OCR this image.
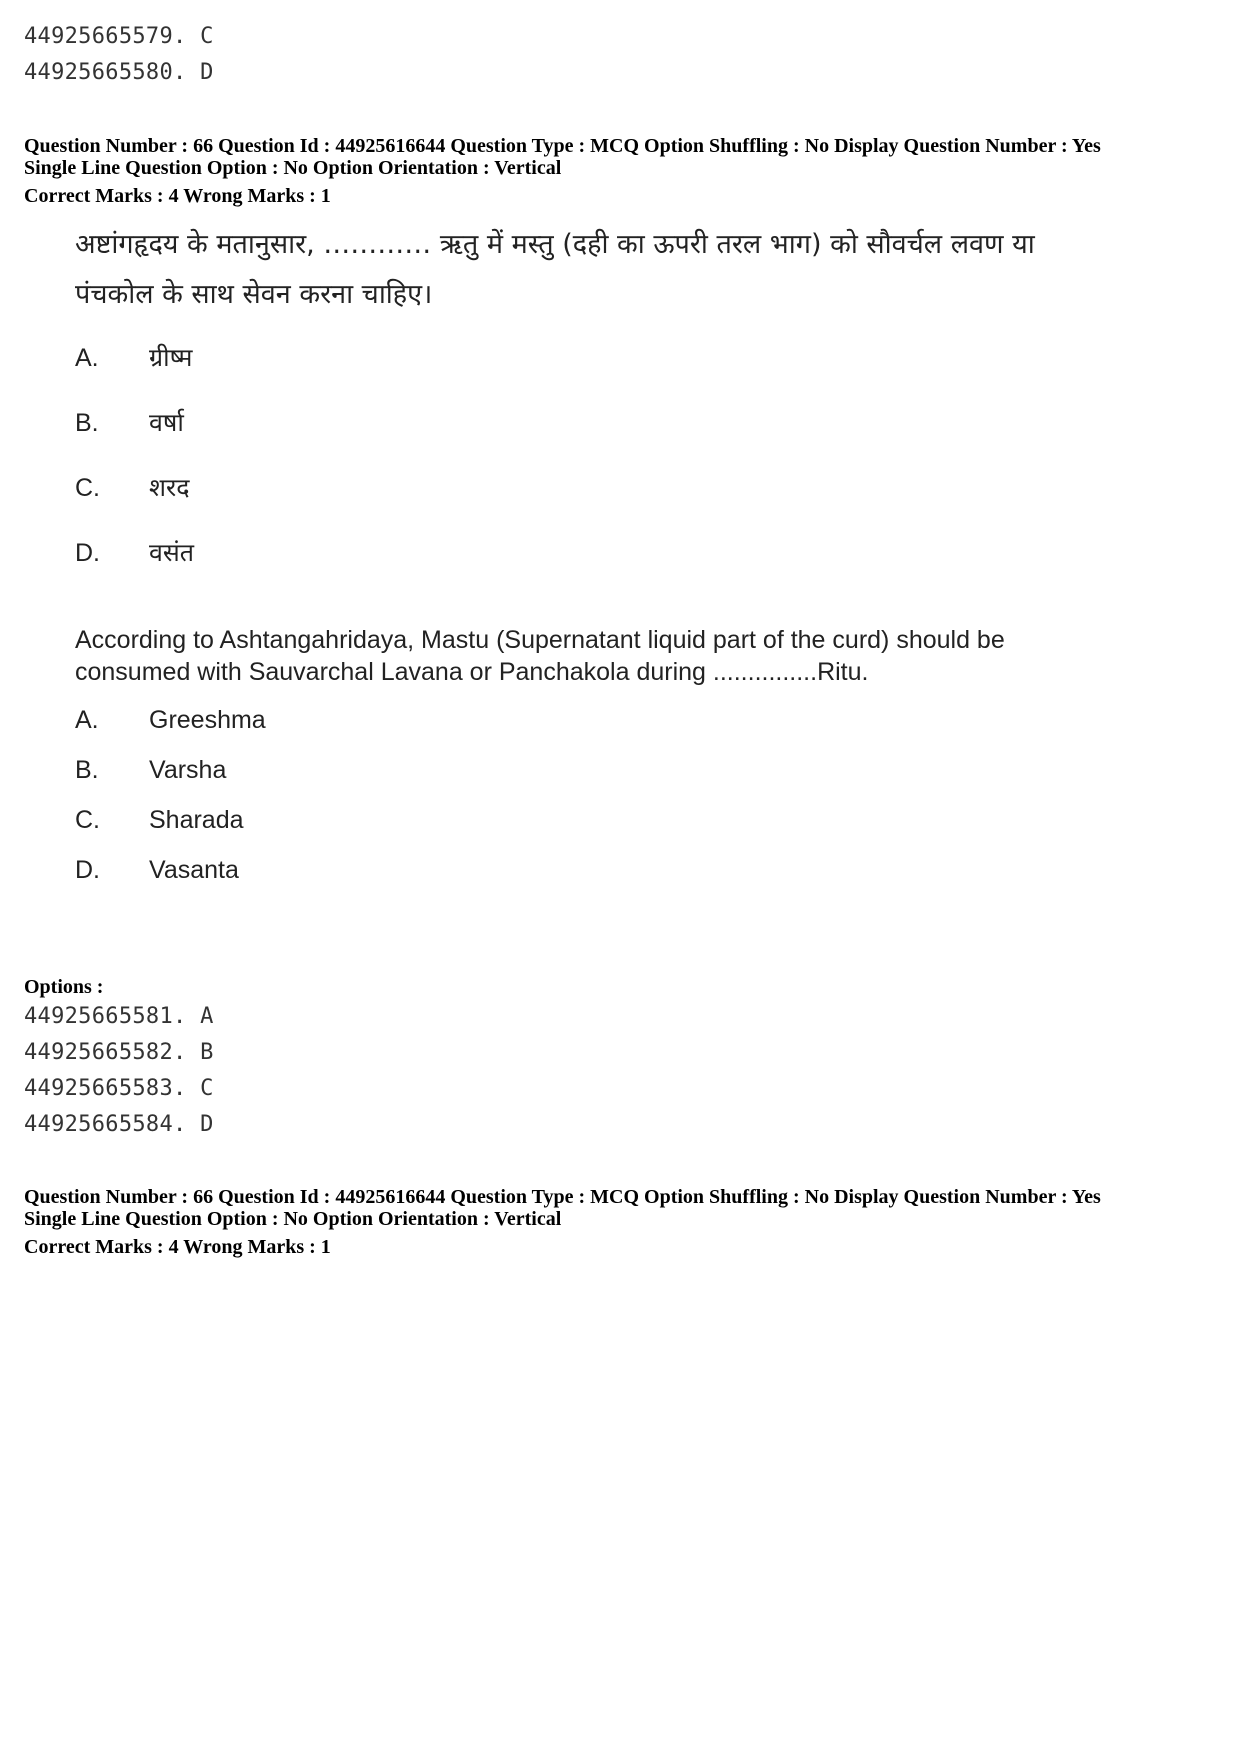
44925665579. C
44925665580. D
Question Number : 66 Question Id : 44925616644 Question Type : MCQ Option Shuffling : No Display Question Number : Yes
Single Line Question Option : No Option Orientation : Vertical
Correct Marks : 4 Wrong Marks : 1
अष्टांगहृदय के मतानुसार, ………… ऋतु में मस्तु (दही का ऊपरी तरल भाग) को सौवर्चल लवण या
पंचकोल के साथ सेवन करना चाहिए।
A. ग्रीष्म
B. वर्षा
C. शरद
D. वसंत
According to Ashtangahridaya, Mastu (Supernatant liquid part of the curd) should be
consumed with Sauvarchal Lavana or Panchakola during ...............Ritu.
A. Greeshma
B. Varsha
C. Sharada
D. Vasanta
Options :
44925665581. A
44925665582. B
44925665583. C
44925665584. D
Question Number : 66 Question Id : 44925616644 Question Type : MCQ Option Shuffling : No Display Question Number : Yes
Single Line Question Option : No Option Orientation : Vertical
Correct Marks : 4 Wrong Marks : 1
